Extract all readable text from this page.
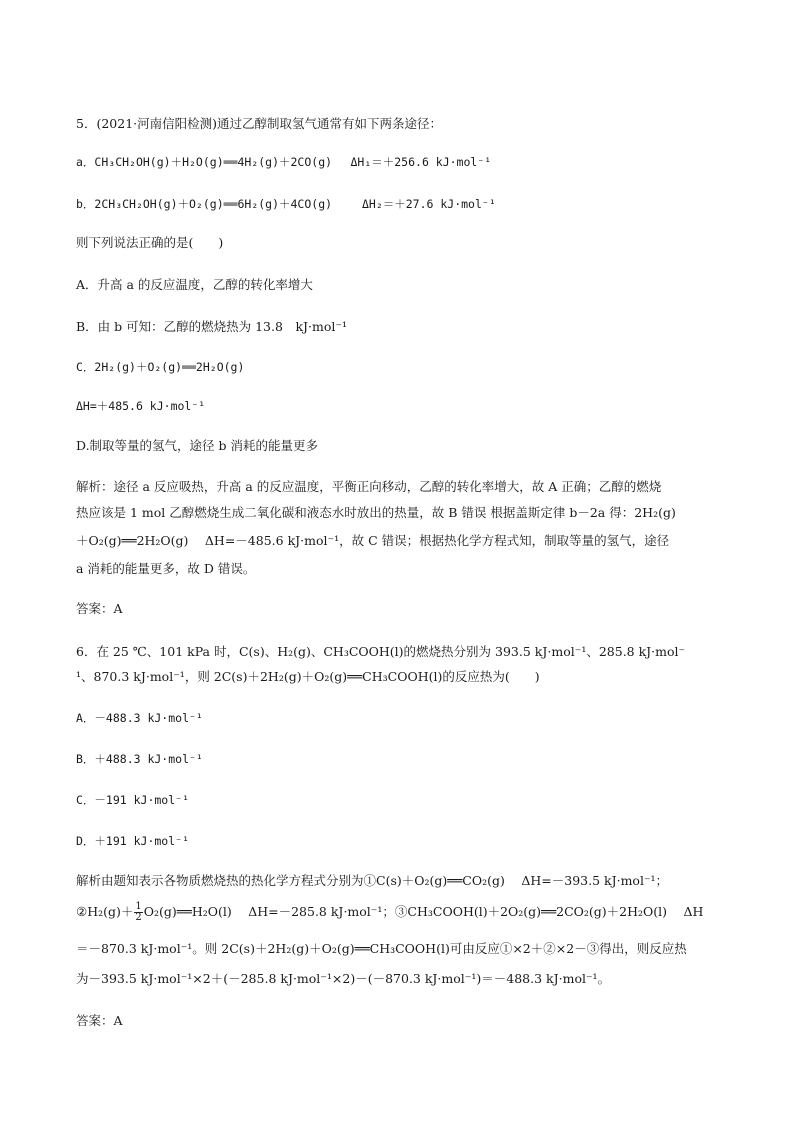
5．(2021·河南信阳检测)通过乙醇制取氢气通常有如下两条途径：
a．CH₃CH₂OH(g)＋H₂O(g)══4H₂(g)＋2CO(g)　 ΔH₁＝＋256.6 kJ·mol⁻¹
b．2CH₃CH₂OH(g)＋O₂(g)══6H₂(g)＋4CO(g)　　 ΔH₂＝＋27.6 kJ·mol⁻¹
则下列说法正确的是(　　)
A．升高 a 的反应温度，乙醇的转化率增大
B．由 b 可知：乙醇的燃烧热为 13.8　kJ·mol⁻¹
C．2H₂(g)＋O₂(g)══2H₂O(g)
ΔH=＋485.6 kJ·mol⁻¹
D.制取等量的氢气，途径 b 消耗的能量更多
解析：途径 a 反应吸热，升高 a 的反应温度，平衡正向移动，乙醇的转化率增大，故 A 正确；乙醇的燃烧
热应该是 1 mol 乙醇燃烧生成二氧化碳和液态水时放出的热量，故 B 错误 根据盖斯定律 b－2a 得：2H₂(g)
＋O₂(g)══2H₂O(g)　 ΔH=－485.6 kJ·mol⁻¹，故 C 错误；根据热化学方程式知，制取等量的氢气，途径
a 消耗的能量更多，故 D 错误。
答案：A
6．在 25 ℃、101 kPa 时，C(s)、H₂(g)、CH₃COOH(l)的燃烧热分别为 393.5 kJ·mol⁻¹、285.8 kJ·mol⁻
¹、870.3 kJ·mol⁻¹，则 2C(s)＋2H₂(g)＋O₂(g)══CH₃COOH(l)的反应热为(　　)
A．－488.3 kJ·mol⁻¹
B．＋488.3 kJ·mol⁻¹
C．－191 kJ·mol⁻¹
D．＋191 kJ·mol⁻¹
解析由题知表示各物质燃烧热的热化学方程式分别为①C(s)＋O₂(g)══CO₂(g)　 ΔH=－393.5 kJ·mol⁻¹；
②H₂(g)＋ $\frac{1}{2}$ O₂(g)══H₂O(l)　 ΔH=－285.8 kJ·mol⁻¹；③CH₃COOH(l)＋2O₂(g)══2CO₂(g)＋2H₂O(l)　 ΔH
＝－870.3 kJ·mol⁻¹。则 2C(s)＋2H₂(g)＋O₂(g)══CH₃COOH(l)可由反应①×2＋②×2－③得出，则反应热
为－393.5 kJ·mol⁻¹×2＋(－285.8 kJ·mol⁻¹×2)－(－870.3 kJ·mol⁻¹)＝－488.3 kJ·mol⁻¹。
答案：A
